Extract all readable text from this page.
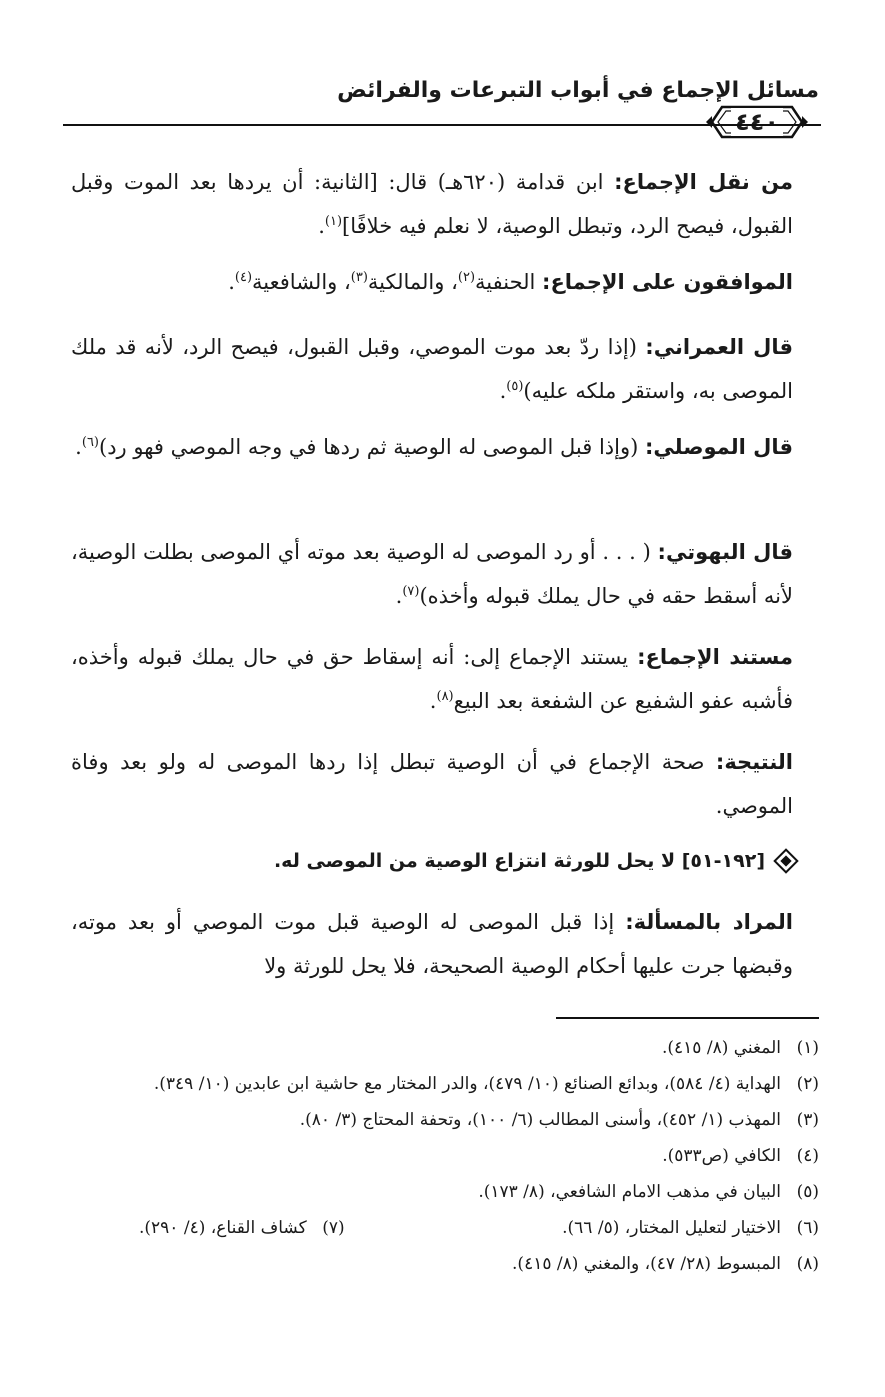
مسائل الإجماع في أبواب التبرعات والفرائض
٤٤٠
من نقل الإجماع: ابن قدامة (٦٢٠هـ) قال: [الثانية: أن يردها بعد الموت وقبل القبول، فيصح الرد، وتبطل الوصية، لا نعلم فيه خلافًا]$^{(١)}$.
الموافقون على الإجماع: الحنفية$^{(٢)}$، والمالكية$^{(٣)}$، والشافعية$^{(٤)}$.
قال العمراني: (إذا ردّ بعد موت الموصي، وقبل القبول، فيصح الرد، لأنه قد ملك الموصى به، واستقر ملكه عليه)$^{(٥)}$.
قال الموصلي: (وإذا قبل الموصى له الوصية ثم ردها في وجه الموصي فهو رد)$^{(٦)}$.
قال البهوتي: ( . . . أو رد الموصى له الوصية بعد موته أي الموصى بطلت الوصية، لأنه أسقط حقه في حال يملك قبوله وأخذه)$^{(٧)}$.
مستند الإجماع: يستند الإجماع إلى: أنه إسقاط حق في حال يملك قبوله وأخذه، فأشبه عفو الشفيع عن الشفعة بعد البيع$^{(٨)}$.
النتيجة: صحة الإجماع في أن الوصية تبطل إذا ردها الموصى له ولو بعد وفاة الموصي.
[١٩٢-٥١] لا يحل للورثة انتزاع الوصية من الموصى له.
المراد بالمسألة: إذا قبل الموصى له الوصية قبل موت الموصي أو بعد موته، وقبضها جرت عليها أحكام الوصية الصحيحة، فلا يحل للورثة ولا
(١)
المغني (٨/ ٤١٥).
(٢)
الهداية (٤/ ٥٨٤)، وبدائع الصنائع (١٠/ ٤٧٩)، والدر المختار مع حاشية ابن عابدين (١٠/ ٣٤٩).
(٣)
المهذب (١/ ٤٥٢)، وأسنى المطالب (٦/ ١٠٠)، وتحفة المحتاج (٣/ ٨٠).
(٤)
الكافي (ص٥٣٣).
(٥)
البيان في مذهب الامام الشافعي، (٨/ ١٧٣).
(٦)
الاختيار لتعليل المختار، (٥/ ٦٦).
(٧)
كشاف القناع، (٤/ ٢٩٠).
(٨)
المبسوط (٢٨/ ٤٧)، والمغني (٨/ ٤١٥).
